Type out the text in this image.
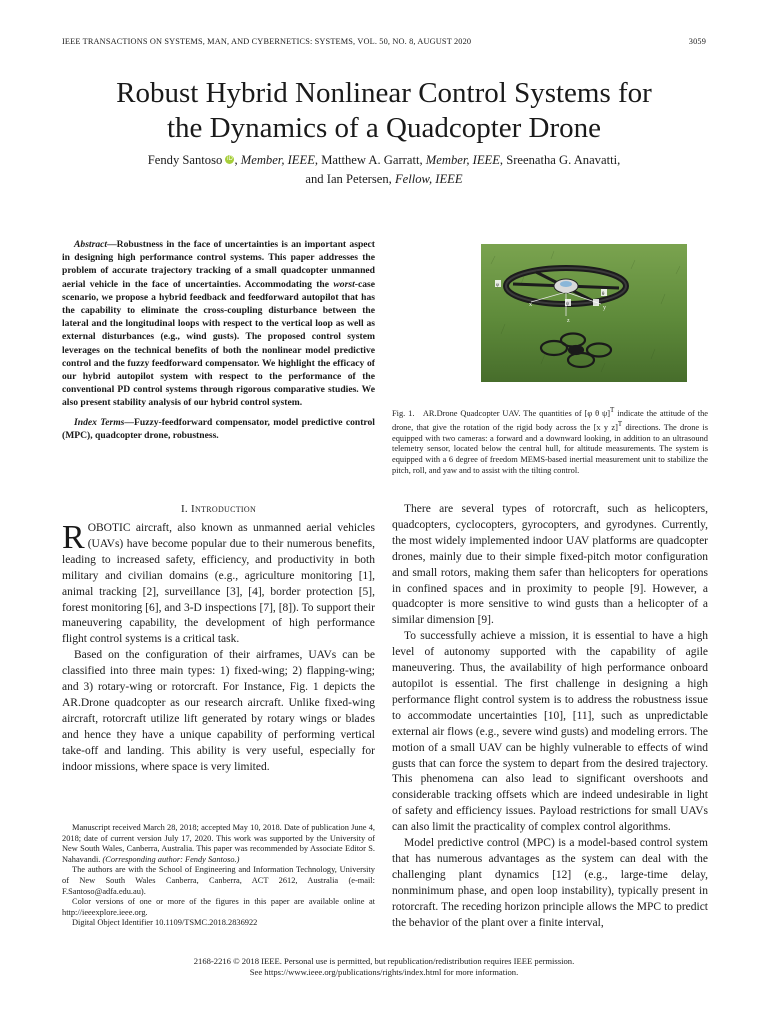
IEEE TRANSACTIONS ON SYSTEMS, MAN, AND CYBERNETICS: SYSTEMS, VOL. 50, NO. 8, AUGUST 2020	3059
Robust Hybrid Nonlinear Control Systems for
the Dynamics of a Quadcopter Drone
Fendy Santoso iD , Member, IEEE, Matthew A. Garratt, Member, IEEE, Sreenatha G. Anavatti,
and Ian Petersen, Fellow, IEEE

Abstract—Robustness in the face of uncertainties is an important aspect in designing high performance control systems. This paper addresses the problem of accurate trajectory tracking of a small quadcopter unmanned aerial vehicle in the face of uncertainties. Accommodating the worst-case scenario, we propose a hybrid feedback and feedforward autopilot that has the capability to eliminate the cross-coupling disturbance between the lateral and the longitudinal loops with respect to the vertical loop as well as external disturbances (e.g., wind gusts). The proposed control system leverages on the technical benefits of both the nonlinear model predictive control and the fuzzy feedforward compensator. We highlight the efficacy of our hybrid autopilot system with respect to the performance of the conventional PD control systems through rigorous comparative studies. We also present stability analysis of our hybrid control system.

Index Terms—Fuzzy-feedforward compensator, model predictive control (MPC), quadcopter drone, robustness.

I. Introduction

ROBOTIC aircraft, also known as unmanned aerial vehicles (UAVs) have become popular due to their numerous benefits, leading to increased safety, efficiency, and productivity in both military and civilian domains (e.g., agriculture monitoring [1], animal tracking [2], surveillance [3], [4], border protection [5], forest monitoring [6], and 3-D inspections [7], [8]). To support their maneuvering capability, the development of high performance flight control systems is a critical task.

Based on the configuration of their airframes, UAVs can be classified into three main types: 1) fixed-wing; 2) flapping-wing; and 3) rotary-wing or rotorcraft. For Instance, Fig. 1 depicts the AR.Drone quadcopter as our research aircraft. Unlike fixed-wing aircraft, rotorcraft utilize lift generated by rotary wings or blades and hence they have a unique capability of performing vertical take-off and landing. This ability is very useful, especially for indoor missions, where space is very limited.

Manuscript received March 28, 2018; accepted May 10, 2018. Date of publication June 4, 2018; date of current version July 17, 2020. This work was supported by the University of New South Wales, Canberra, Australia. This paper was recommended by Associate Editor S. Nahavandi. (Corresponding author: Fendy Santoso.)

The authors are with the School of Engineering and Information Technology, University of New South Wales Canberra, Canberra, ACT 2612, Australia (e-mail: F.Santoso@adfa.edu.au).

Color versions of one or more of the figures in this paper are available online at http://ieeexplore.ieee.org.

Digital Object Identifier 10.1109/TSMC.2018.2836922

x	y
z
φ
ψ
θ

Fig. 1.  AR.Drone Quadcopter UAV. The quantities of [φ θ ψ]$^T$ indicate the attitude of the drone, that give the rotation of the rigid body across the [x y z]$^T$ directions. The drone is equipped with two cameras: a forward and a downward looking, in addition to an ultrasound telemetry sensor, located below the central hull, for altitude measurements. The system is equipped with a 6 degree of freedom MEMS-based inertial measurement unit to stabilize the pitch, roll, and yaw and to assist with the tilting control.

There are several types of rotorcraft, such as helicopters, quadcopters, cyclocopters, gyrocopters, and gyrodynes. Currently, the most widely implemented indoor UAV platforms are quadcopter drones, mainly due to their simple fixed-pitch motor configuration and small rotors, making them safer than helicopters for operations in confined spaces and in proximity to people [9]. However, a quadcopter is more sensitive to wind gusts than a helicopter of a similar dimension [9].

To successfully achieve a mission, it is essential to have a high level of autonomy supported with the capability of agile maneuvering. Thus, the availability of high performance onboard autopilot is essential. The first challenge in designing a high performance flight control system is to address the robustness issue to accommodate uncertainties [10], [11], such as unpredictable external air flows (e.g., severe wind gusts) and modeling errors. The motion of a small UAV can be highly vulnerable to effects of wind gusts that can force the system to depart from the desired trajectory. This phenomena can also lead to significant overshoots and considerable tracking offsets which are indeed undesirable in light of safety and efficiency issues. Payload restrictions for small UAVs can also limit the practicality of complex control algorithms.

Model predictive control (MPC) is a model-based control system that has numerous advantages as the system can deal with the challenging plant dynamics [12] (e.g., large-time delay, nonminimum phase, and open loop instability), typically present in rotorcraft. The receding horizon principle allows the MPC to predict the behavior of the plant over a finite interval,

2168-2216 © 2018 IEEE. Personal use is permitted, but republication/redistribution requires IEEE permission.
See https://www.ieee.org/publications/rights/index.html for more information.
